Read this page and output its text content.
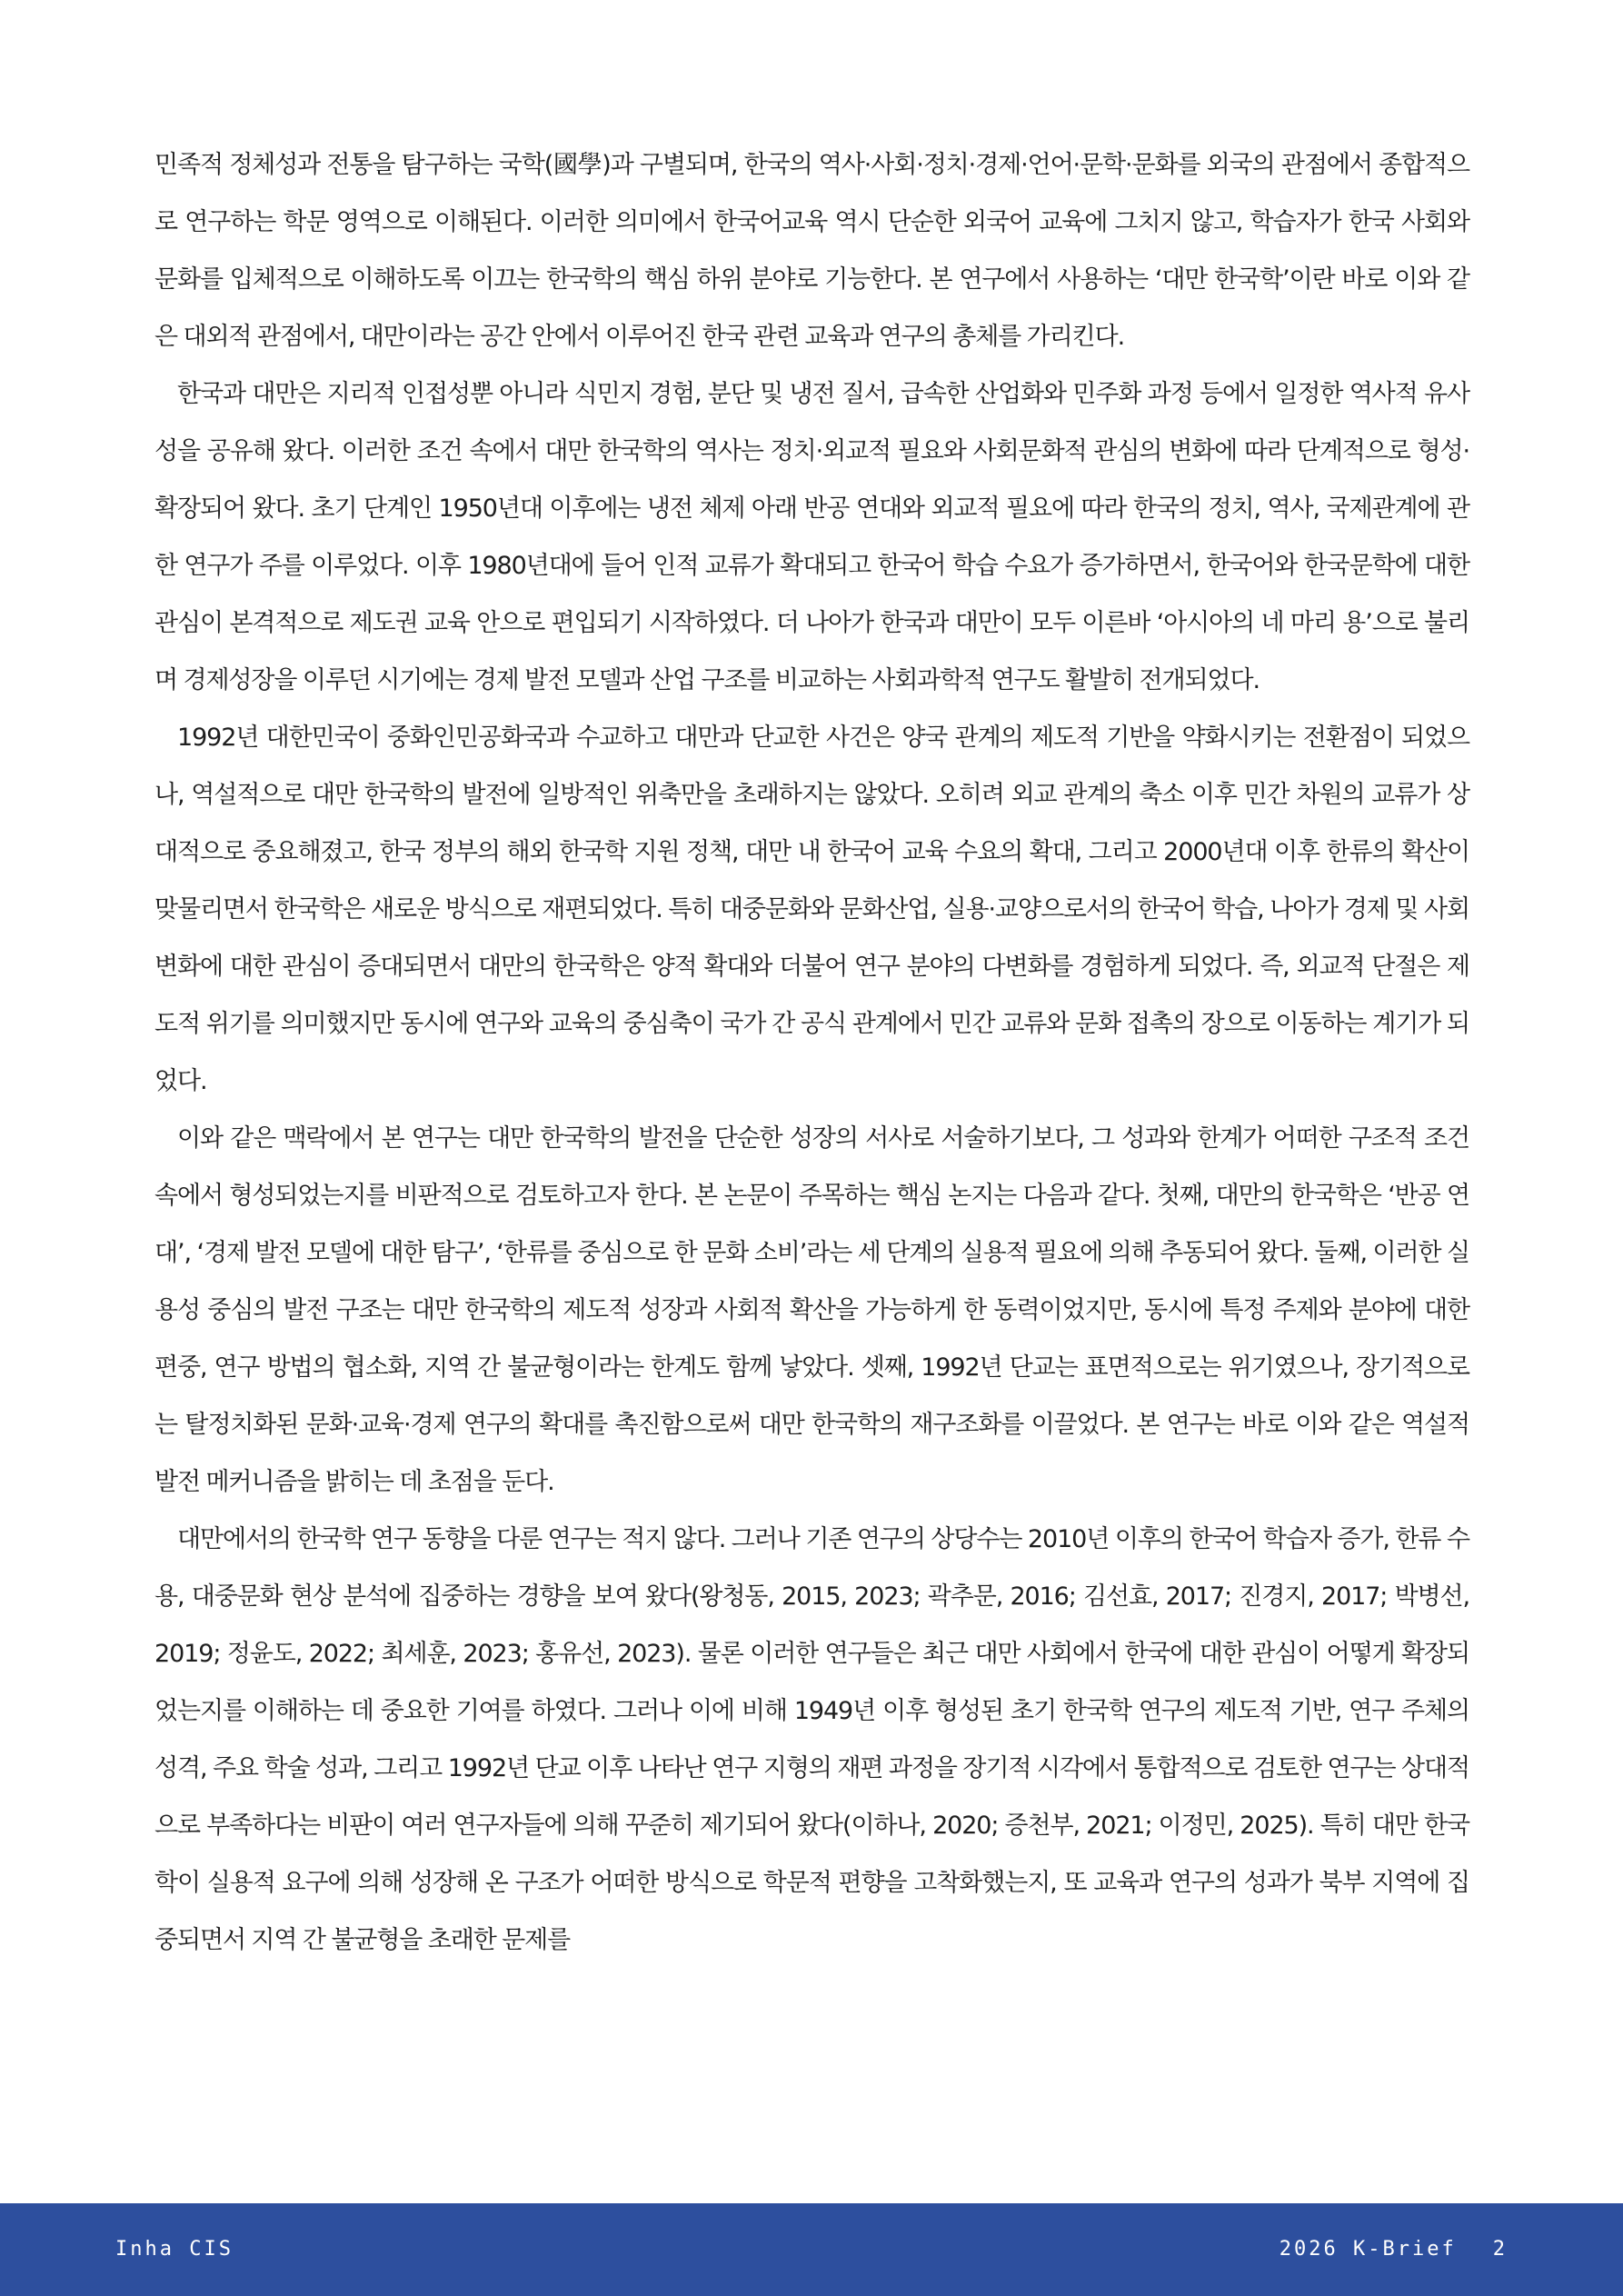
민족적 정체성과 전통을 탐구하는 국학(國學)과 구별되며, 한국의 역사·사회·정치·경제·언어·문학·문화를 외국의 관점에서 종합적으로 연구하는 학문 영역으로 이해된다. 이러한 의미에서 한국어교육 역시 단순한 외국어 교육에 그치지 않고, 학습자가 한국 사회와 문화를 입체적으로 이해하도록 이끄는 한국학의 핵심 하위 분야로 기능한다. 본 연구에서 사용하는 ‘대만 한국학’이란 바로 이와 같은 대외적 관점에서, 대만이라는 공간 안에서 이루어진 한국 관련 교육과 연구의 총체를 가리킨다.

한국과 대만은 지리적 인접성뿐 아니라 식민지 경험, 분단 및 냉전 질서, 급속한 산업화와 민주화 과정 등에서 일정한 역사적 유사성을 공유해 왔다. 이러한 조건 속에서 대만 한국학의 역사는 정치·외교적 필요와 사회문화적 관심의 변화에 따라 단계적으로 형성·확장되어 왔다. 초기 단계인 1950년대 이후에는 냉전 체제 아래 반공 연대와 외교적 필요에 따라 한국의 정치, 역사, 국제관계에 관한 연구가 주를 이루었다. 이후 1980년대에 들어 인적 교류가 확대되고 한국어 학습 수요가 증가하면서, 한국어와 한국문학에 대한 관심이 본격적으로 제도권 교육 안으로 편입되기 시작하였다. 더 나아가 한국과 대만이 모두 이른바 ‘아시아의 네 마리 용’으로 불리며 경제성장을 이루던 시기에는 경제 발전 모델과 산업 구조를 비교하는 사회과학적 연구도 활발히 전개되었다.

1992년 대한민국이 중화인민공화국과 수교하고 대만과 단교한 사건은 양국 관계의 제도적 기반을 약화시키는 전환점이 되었으나, 역설적으로 대만 한국학의 발전에 일방적인 위축만을 초래하지는 않았다. 오히려 외교 관계의 축소 이후 민간 차원의 교류가 상대적으로 중요해졌고, 한국 정부의 해외 한국학 지원 정책, 대만 내 한국어 교육 수요의 확대, 그리고 2000년대 이후 한류의 확산이 맞물리면서 한국학은 새로운 방식으로 재편되었다. 특히 대중문화와 문화산업, 실용·교양으로서의 한국어 학습, 나아가 경제 및 사회 변화에 대한 관심이 증대되면서 대만의 한국학은 양적 확대와 더불어 연구 분야의 다변화를 경험하게 되었다. 즉, 외교적 단절은 제도적 위기를 의미했지만 동시에 연구와 교육의 중심축이 국가 간 공식 관계에서 민간 교류와 문화 접촉의 장으로 이동하는 계기가 되었다.

이와 같은 맥락에서 본 연구는 대만 한국학의 발전을 단순한 성장의 서사로 서술하기보다, 그 성과와 한계가 어떠한 구조적 조건 속에서 형성되었는지를 비판적으로 검토하고자 한다. 본 논문이 주목하는 핵심 논지는 다음과 같다. 첫째, 대만의 한국학은 ‘반공 연대’, ‘경제 발전 모델에 대한 탐구’, ‘한류를 중심으로 한 문화 소비’라는 세 단계의 실용적 필요에 의해 추동되어 왔다. 둘째, 이러한 실용성 중심의 발전 구조는 대만 한국학의 제도적 성장과 사회적 확산을 가능하게 한 동력이었지만, 동시에 특정 주제와 분야에 대한 편중, 연구 방법의 협소화, 지역 간 불균형이라는 한계도 함께 낳았다. 셋째, 1992년 단교는 표면적으로는 위기였으나, 장기적으로는 탈정치화된 문화·교육·경제 연구의 확대를 촉진함으로써 대만 한국학의 재구조화를 이끌었다. 본 연구는 바로 이와 같은 역설적 발전 메커니즘을 밝히는 데 초점을 둔다.

대만에서의 한국학 연구 동향을 다룬 연구는 적지 않다. 그러나 기존 연구의 상당수는 2010년 이후의 한국어 학습자 증가, 한류 수용, 대중문화 현상 분석에 집중하는 경향을 보여 왔다(왕청동, 2015, 2023; 곽추문, 2016; 김선효, 2017; 진경지, 2017; 박병선, 2019; 정윤도, 2022; 최세훈, 2023; 홍유선, 2023). 물론 이러한 연구들은 최근 대만 사회에서 한국에 대한 관심이 어떻게 확장되었는지를 이해하는 데 중요한 기여를 하였다. 그러나 이에 비해 1949년 이후 형성된 초기 한국학 연구의 제도적 기반, 연구 주체의 성격, 주요 학술 성과, 그리고 1992년 단교 이후 나타난 연구 지형의 재편 과정을 장기적 시각에서 통합적으로 검토한 연구는 상대적으로 부족하다는 비판이 여러 연구자들에 의해 꾸준히 제기되어 왔다(이하나, 2020; 증천부, 2021; 이정민, 2025). 특히 대만 한국학이 실용적 요구에 의해 성장해 온 구조가 어떠한 방식으로 학문적 편향을 고착화했는지, 또 교육과 연구의 성과가 북부 지역에 집중되면서 지역 간 불균형을 초래한 문제를

Inha CIS	2026 K-Brief 2
